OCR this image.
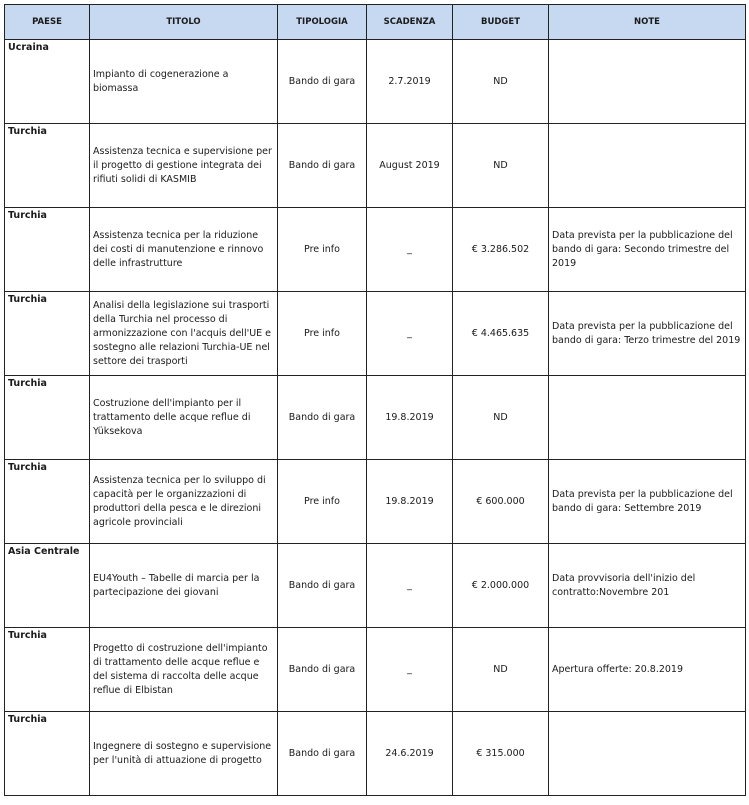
PAESE	TITOLO	TIPOLOGIA	SCADENZA	BUDGET	NOTE
Ucraina	Impianto di cogenerazione a biomassa	Bando di gara	2.7.2019	ND	
Turchia	Assistenza tecnica e supervisione per il progetto di gestione integrata dei rifiuti solidi di KASMIB	Bando di gara	August 2019	ND	
Turchia	Assistenza tecnica per la riduzione dei costi di manutenzione e rinnovo delle infrastrutture	Pre info	_	€ 3.286.502	Data prevista per la pubblicazione del bando di gara: Secondo trimestre del 2019
Turchia	Analisi della legislazione sui trasporti della Turchia nel processo di armonizzazione con l'acquis dell'UE e sostegno alle relazioni Turchia-UE nel settore dei trasporti	Pre info	_	€ 4.465.635	Data prevista per la pubblicazione del bando di gara: Terzo trimestre del 2019
Turchia	Costruzione dell'impianto per il trattamento delle acque reflue di Yüksekova	Bando di gara	19.8.2019	ND	
Turchia	Assistenza tecnica per lo sviluppo di capacità per le organizzazioni di produttori della pesca e le direzioni agricole provinciali	Pre info	19.8.2019	€ 600.000	Data prevista per la pubblicazione del bando di gara: Settembre 2019
Asia Centrale	EU4Youth – Tabelle di marcia per la partecipazione dei giovani	Bando di gara	_	€ 2.000.000	Data provvisoria dell'inizio del contratto:Novembre 201
Turchia	Progetto di costruzione dell'impianto di trattamento delle acque reflue e del sistema di raccolta delle acque reflue di Elbistan	Bando di gara	_	ND	Apertura offerte: 20.8.2019
Turchia	Ingegnere di sostegno e supervisione per l'unità di attuazione di progetto	Bando di gara	24.6.2019	€ 315.000	
